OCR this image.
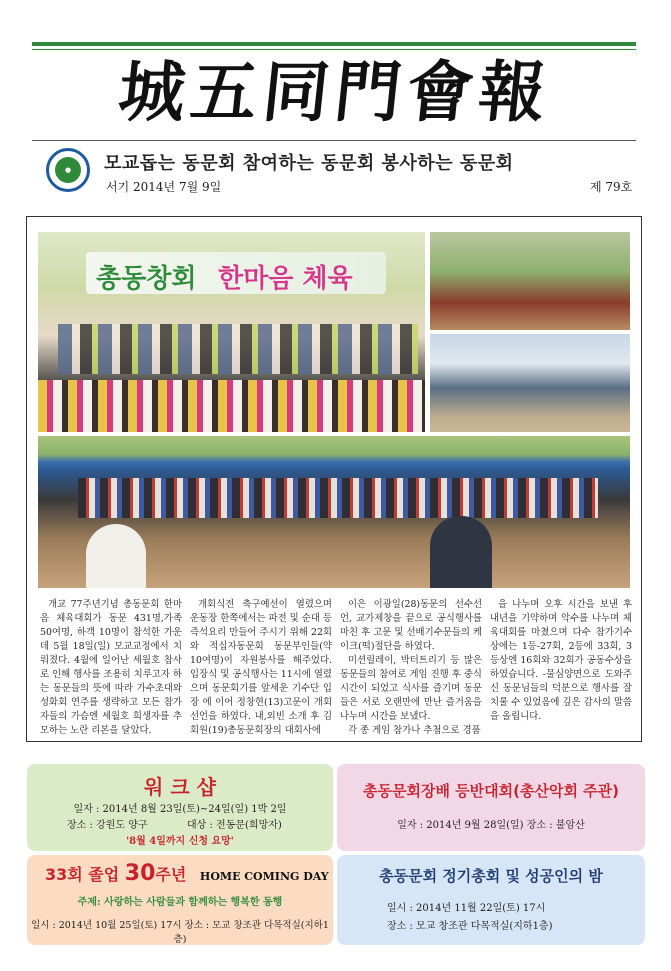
城五同門會報
●	모교돕는 동문회 참여하는 동문회 봉사하는 동문회
서기 2014년 7월 9일	제 79호
총동창회 한마음 체육

개교 77주년기념 총동문회 한마음 체육대회가 동문 431명,가족 50여명, 하객 10명이 참석한 가운데 5월 18일(일) 모교교정에서 치뤄졌다. 4월에 일어난 세월호 참사로 인해 행사를 조용히 치루고자 하는 동문들의 뜻에 따라 가수초대와 성화회 연주를 생략하고 모든 참가자들의 가슴엔 세월호 희생자를 추모하는 노란 리본을 달았다.

개회식전 축구예선이 열렸으며 운동장 한쪽에서는 파전 및 순대 등 즉석요리 만들어 주시기 위해 22회와 적십자동문회 동문부인들(약 10여명)이 자원봉사를 해주었다. 입장식 및 공식행사는 11시에 열렸으며 동문회기를 앞세운 기수단 입장 에 이어 정창현(13)고문이 개회선언을 하였다. 내,외빈 소개 후 김회원(19)총동문회장의 대회사에

이은 이광일(28)동문의 선수선언, 교가제창을 끝으로 공식행사를 마친 후 고문 및 선배기수문들의 케이크(떡)절단을 하였다.

미션릴레이, 박터트리기 등 많은 동문들의 참여로 게임 진행 후 중식 시간이 되었고 식사를 즐기며 동문들은 서로 오랜만에 만난 즐거움을 나누며 시간을 보냈다.

각 종 게임 참가나 추첨으로 경품

을 나누며 오후 시간을 보낸 후 내년을 기약하며 악수를 나누며 체육대회를 마쳤으며 다수 참가기수상에는 1등-27회, 2등에 33회, 3등상엔 16회와 32회가 공동수상을 하였습니다. -물심양면으로 도와주신 동문님들의 덕분으로 행사를 잘 치룰 수 있었음에 깊은 감사의 말씀을 올립니다.

워 크 샵
일자 : 2014년 8월 23일(토)~24일(일) 1박 2일
장소 : 강원도 양구	대상 : 전동문(희망자)
'8월 4일까지 신청 요망'
총동문회장배 등반대회(총산악회 주관)
일자 : 2014년 9월 28일(일) 장소 : 불암산
33회 졸업 30주년 HOME COMING DAY
주제: 사랑하는 사람들과 함께하는 행복한 동행
일시 : 2014년 10월 25일(토) 17시 장소 : 모교 창조관 다목적실(지하1층)
총동문회 정기총회 및 성공인의 밤
일시 : 2014년 11월 22일(토) 17시
장소 : 모교 창조관 다목적실(지하1층)
